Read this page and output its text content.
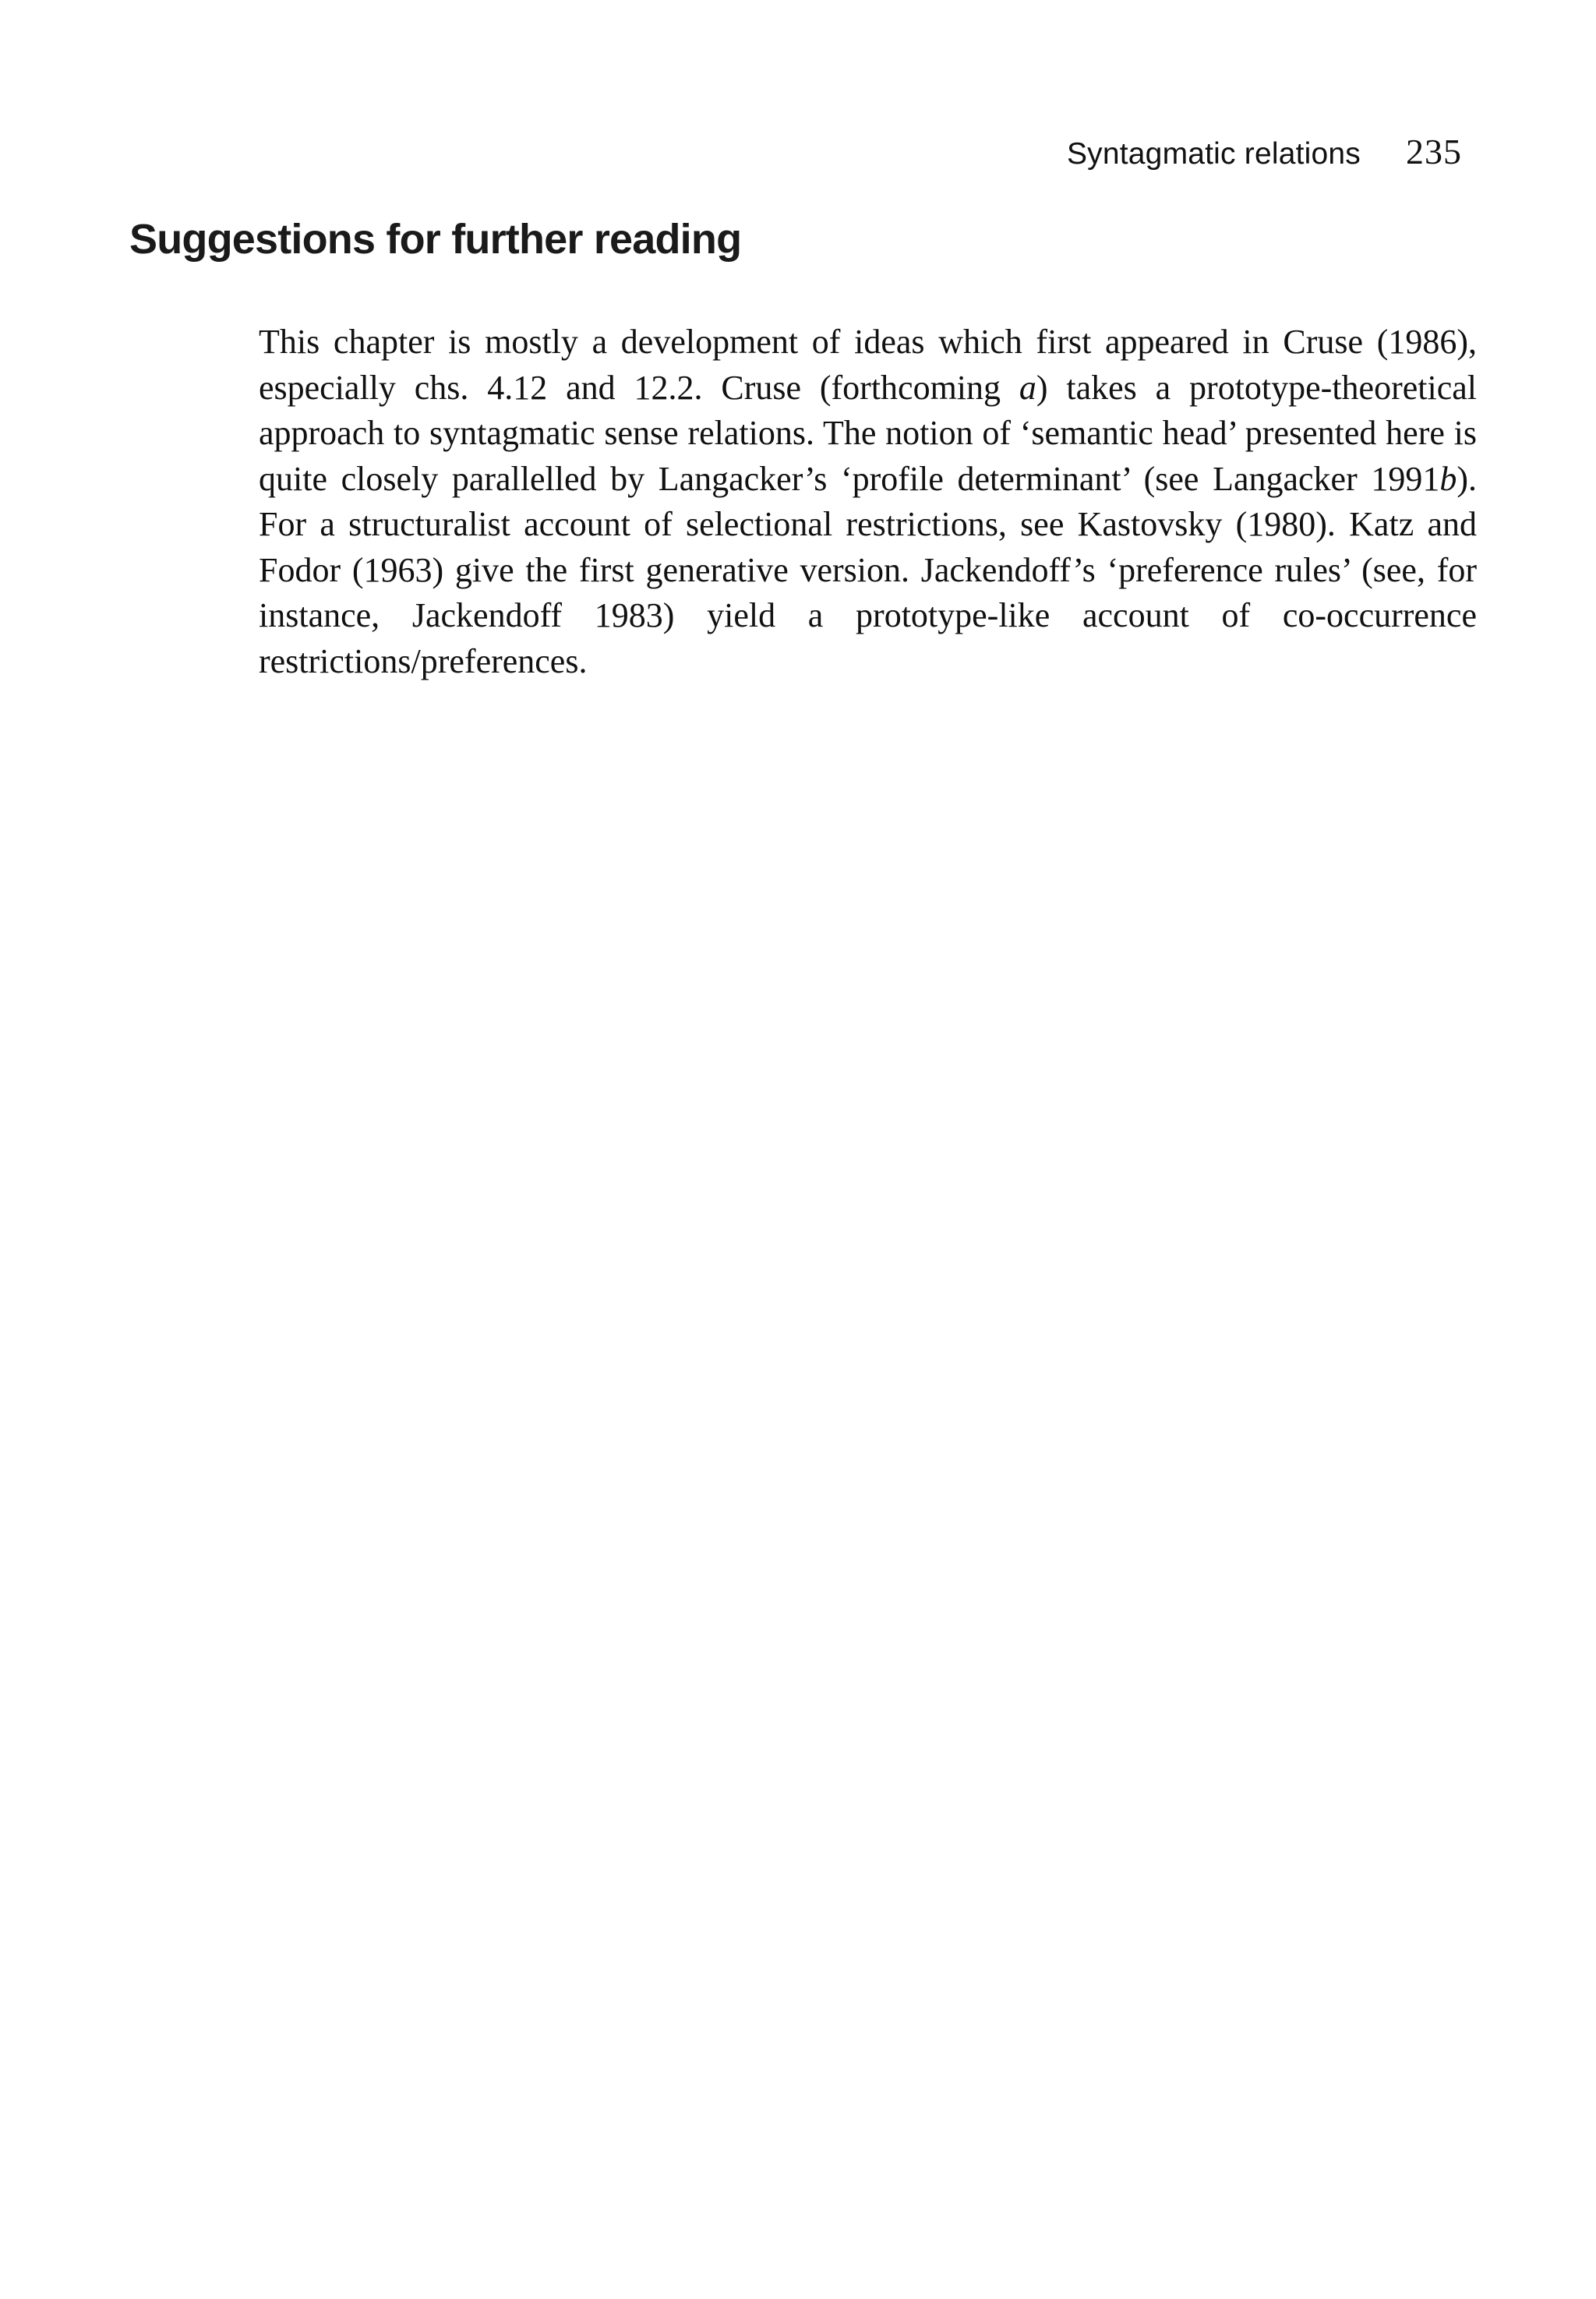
Syntagmatic relations 235
Suggestions for further reading

This chapter is mostly a development of ideas which first appeared in Cruse (1986), especially chs. 4.12 and 12.2. Cruse (forthcoming a) takes a prototype-theoretical approach to syntagmatic sense relations. The notion of ‘semantic head’ presented here is quite closely parallelled by Langacker’s ‘profile determinant’ (see Langacker 1991b). For a structuralist account of selectional restrictions, see Kastovsky (1980). Katz and Fodor (1963) give the first generative version. Jackendoff’s ‘preference rules’ (see, for instance, Jackendoff 1983) yield a prototype-like account of co-occurrence restrictions/preferences.
